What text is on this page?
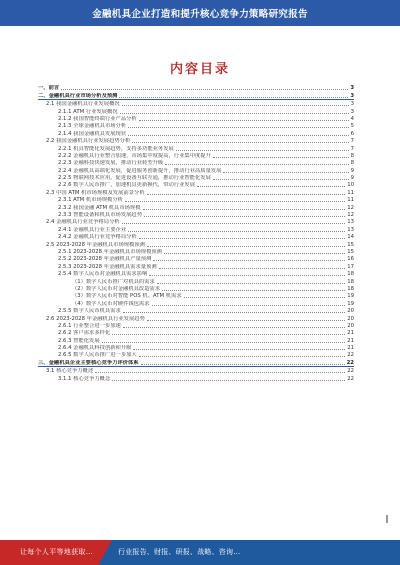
金融机具企业打造和提升核心竞争力策略研究报告
内容目录
一、前言	3
二、金融机具行业市场分析及预测	3
2.1 我国金融机具行业发展概况	3
2.1.1 ATM 行业发展概况	3
2.1.2 我国智能终端行业产品分析	4
2.1.3 全球金融机具市场分析	5
2.1.4 我国金融机具发展现状	6
2.2 我国金融机具行业发展趋势分析	7
2.2.1 机具智能化发展趋势，支持多功能业务发展	7
2.2.2 金融机具行业整合加速，市场集中度提高，行业集中度提升	8
2.2.3 金融科技快速发展，推动行业转型升级	8
2.2.4 金融机具高端化发展，促进服务创新提升，推动行业高质量发展	9
2.2.5 物联网技术应用，促进设备互联互通，推动行业智能化发展	9
2.2.6 数字人民币推广，加速机具更新换代，带动行业发展	10
2.3 中国 ATM 机市场规模及发展前景分析	11
2.3.1 ATM 机市场规模分析	11
2.3.2 我国金融 ATM 机具市场规模	12
2.3.3 智能设备和机具市场发展趋势	12
2.4 金融机具行业竞争格局分析	13
2.4.1 金融机具行业主要企业	13
2.4.2 金融机具行业竞争格局分析	14
2.5 2023-2028 年金融机具市场规模预测	15
2.5.1 2023-2028 年金融机具市场规模预测	15
2.5.2 2023-2028 年金融机具产量预测	16
2.5.3 2023-2028 年金融机具需求量预测	17
2.5.4 数字人民币对金融机具需求影响	18
（1）数字人民币推广对机具的需求	18
（2）数字人民币对金融机具改造需求	18
（3）数字人民币对智能 POS 机、ATM 机需求	19
（4）数字人民币对硬件钱包需求	19
2.5.5 数字人民币机具需求	20
2.6 2023-2028 年金融机具行业发展趋势	20
2.6.1 行业整合进一步加速	20
2.6.2 客户需求多样化	21
2.6.3 智能化发展	21
2.6.4 金融机具科技创新和升级	21
2.6.5 数字人民币推广进一步加大	22
三、金融机具企业主要核心竞争力评价体系	22
3.1 核心竞争力概述	22
3.1.1 核心竞争力概念	22
让每个人平等地获取…	行业报告、财报、研报、战略、咨询…
